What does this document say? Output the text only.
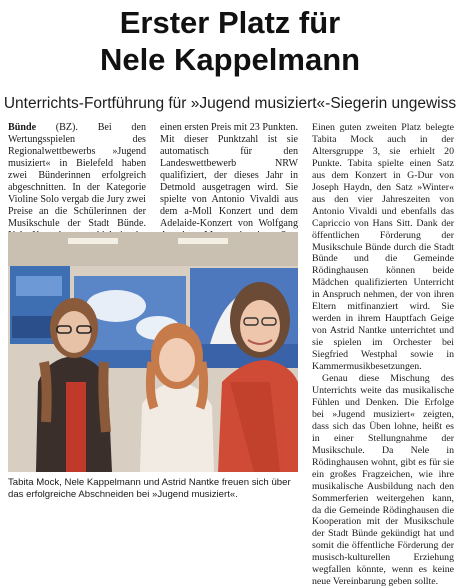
Erster Platz für
Nele Kappelmann
Unterrichts-Fortführung für »Jugend musiziert«-Siegerin ungewiss

Bünde (BZ). Bei den Wertungsspielen des Regionalwettbewerbs »Jugend musiziert« in Bielefeld haben zwei Bünderinnen erfolgreich abgeschnitten. In der Kategorie Violine Solo vergab die Jury zwei Preise an die Schülerinnen der Musikschule der Stadt Bünde.

einen ersten Preis mit 23 Punkten. Mit dieser Punktzahl ist sie automatisch für den Landeswettbewerb NRW qualifiziert, der dieses Jahr in Detmold ausgetragen wird. Sie spielte von Antonio Vivaldi aus dem a-Moll Konzert und dem Adelaide-Konzert von Wolfgang

Einen guten zweiten Platz belegte Tabita Mock auch in der Altersgruppe 3, sie erhielt 20 Punkte. Tabita spielte einen Satz aus dem Konzert in G-Dur von Joseph Haydn, den Satz »Winter« aus den vier Jahreszeiten von Antonio Vivaldi und ebenfalls das Capriccio von Hans Sitt. Dank der öffentlichen Förderung der Musikschule Bünde durch die Stadt Bünde und die Gemeinde Rödinghausen können beide Mädchen qualifizierten Unterricht in Anspruch nehmen, der von ihren Eltern mitfinanziert wird. Sie werden in ihrem Hauptfach Geige von Astrid Nantke unterrichtet und sie spielen im Orchester bei Siegfried Westphal sowie in Kammermusikbesetzungen.

Genau diese Mischung des Unterrichts weite das musikalische Fühlen und Denken. Die Erfolge bei »Jugend musiziert« zeigten, dass sich das Üben lohne, heißt es in einer Stellungnahme der Musikschule. Da Nele in Rödinghausen wohnt, gibt es für sie ein großes Fragzeichen, wie ihre musikalische Ausbildung nach den Sommerferien weitergehen kann, da die Gemeinde Rödinghausen die Kooperation mit der Musikschule der Stadt Bünde gekündigt hat und somit die öffentliche Förderung der musisch-kulturellen Erziehung wegfallen könnte, wenn es keine neue Vereinbarung geben sollte.

Tabita Mock, Nele Kappelmann und Astrid Nantke freuen sich über das erfolgreiche Abschneiden bei »Jugend musiziert«.
